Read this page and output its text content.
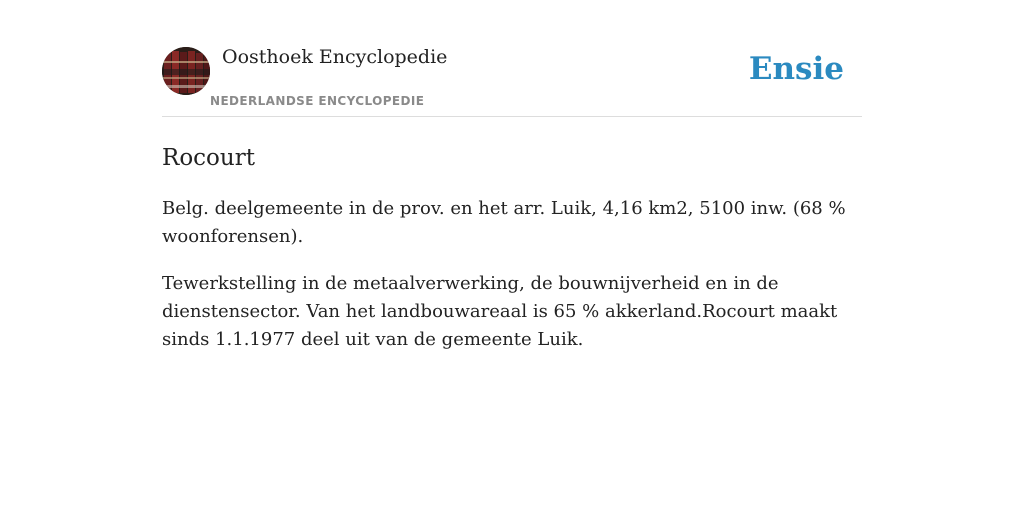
Oosthoek Encyclopedie
NEDERLANDSE ENCYCLOPEDIE
Ensie
Rocourt

Belg. deelgemeente in de prov. en het arr. Luik, 4,16 km2, 5100 inw. (68 % woonforensen).

Tewerkstelling in de metaalverwerking, de bouwnijverheid en in de dienstensector. Van het landbouwareaal is 65 % akkerland.Rocourt maakt sinds 1.1.1977 deel uit van de gemeente Luik.
